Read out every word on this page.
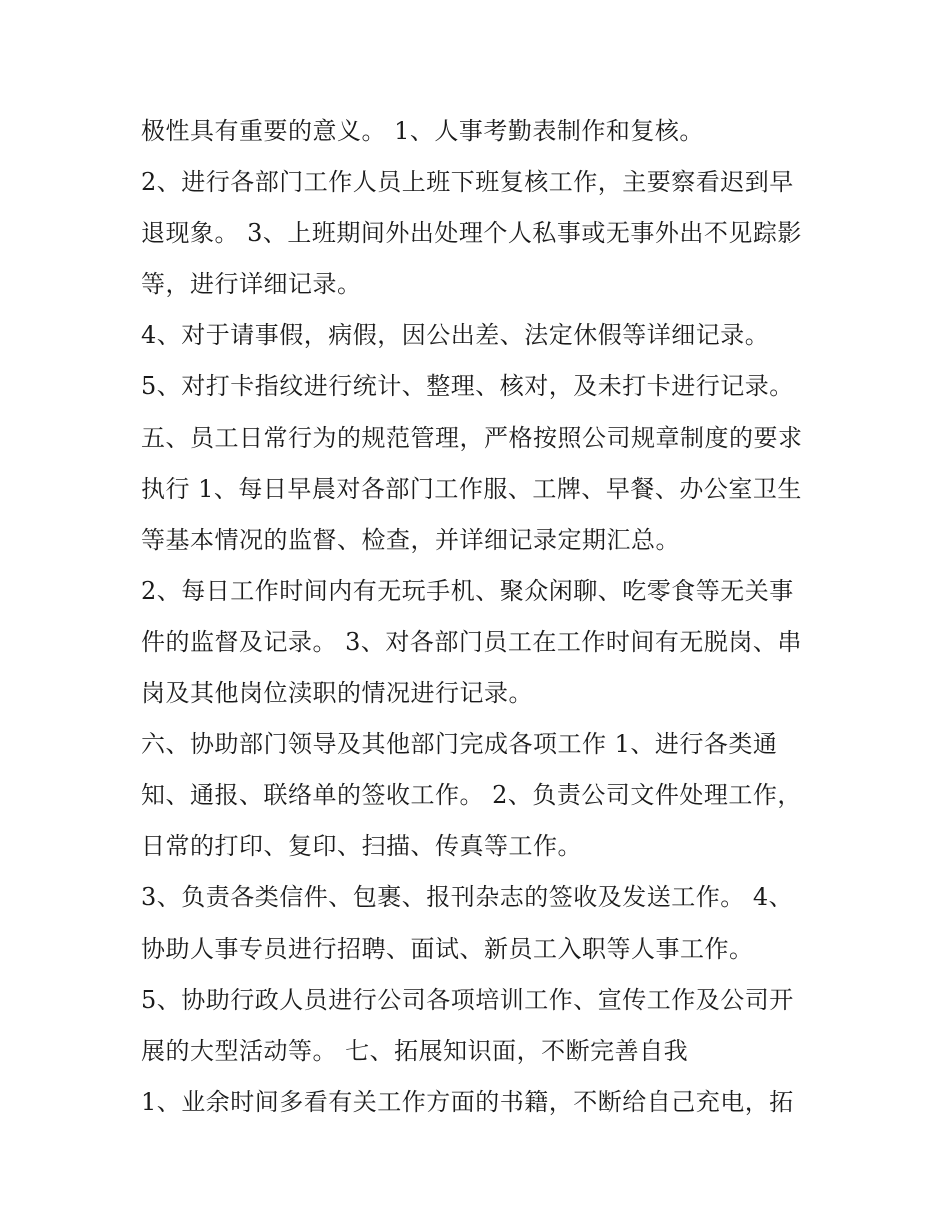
极性具有重要的意义。 1、人事考勤表制作和复核。
2、进行各部门工作人员上班下班复核工作，主要察看迟到早
退现象。 3、上班期间外出处理个人私事或无事外出不见踪影
等，进行详细记录。
4、对于请事假，病假，因公出差、法定休假等详细记录。
5、对打卡指纹进行统计、整理、核对，及未打卡进行记录。
五、员工日常行为的规范管理，严格按照公司规章制度的要求
执行 1、每日早晨对各部门工作服、工牌、早餐、办公室卫生
等基本情况的监督、检查，并详细记录定期汇总。
2、每日工作时间内有无玩手机、聚众闲聊、吃零食等无关事
件的监督及记录。 3、对各部门员工在工作时间有无脱岗、串
岗及其他岗位渎职的情况进行记录。
六、协助部门领导及其他部门完成各项工作 1、进行各类通
知、通报、联络单的签收工作。 2、负责公司文件处理工作，
日常的打印、复印、扫描、传真等工作。
3、负责各类信件、包裹、报刊杂志的签收及发送工作。 4、
协助人事专员进行招聘、面试、新员工入职等人事工作。
5、协助行政人员进行公司各项培训工作、宣传工作及公司开
展的大型活动等。 七、拓展知识面，不断完善自我
1、业余时间多看有关工作方面的书籍，不断给自己充电，拓
